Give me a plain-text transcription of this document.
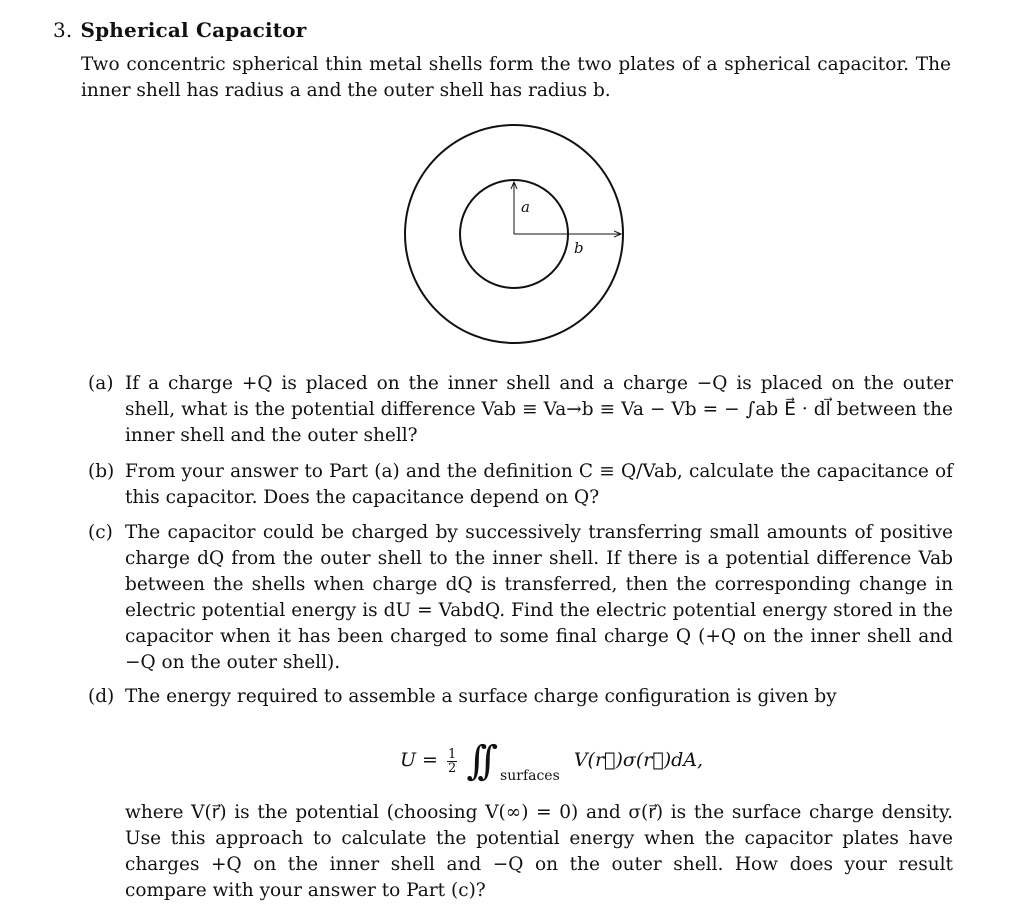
3. Spherical Capacitor
Two concentric spherical thin metal shells form the two plates of a spherical capacitor. The inner shell has radius a and the outer shell has radius b.
a
b
(a) If a charge +Q is placed on the inner shell and a charge −Q is placed on the outer shell, what is the potential difference Vab ≡ Va→b ≡ Va − Vb = − ∫ab E⃗ · dl⃗ between the inner shell and the outer shell?
(b) From your answer to Part (a) and the definition C ≡ Q/Vab, calculate the capacitance of this capacitor. Does the capacitance depend on Q?
(c) The capacitor could be charged by successively transferring small amounts of positive charge dQ from the outer shell to the inner shell. If there is a potential difference Vab between the shells when charge dQ is transferred, then the corresponding change in electric potential energy is dU = VabdQ. Find the electric potential energy stored in the capacitor when it has been charged to some final charge Q (+Q on the inner shell and −Q on the outer shell).
(d) The energy required to assemble a surface charge configuration is given by
$U = \frac{1}{2}$ ∫∫ $_{surfaces}$ V(r⃗)σ(r⃗)dA,
where V(r⃗) is the potential (choosing V(∞) = 0) and σ(r⃗) is the surface charge density. Use this approach to calculate the potential energy when the capacitor plates have charges +Q on the inner shell and −Q on the outer shell. How does your result compare with your answer to Part (c)?
